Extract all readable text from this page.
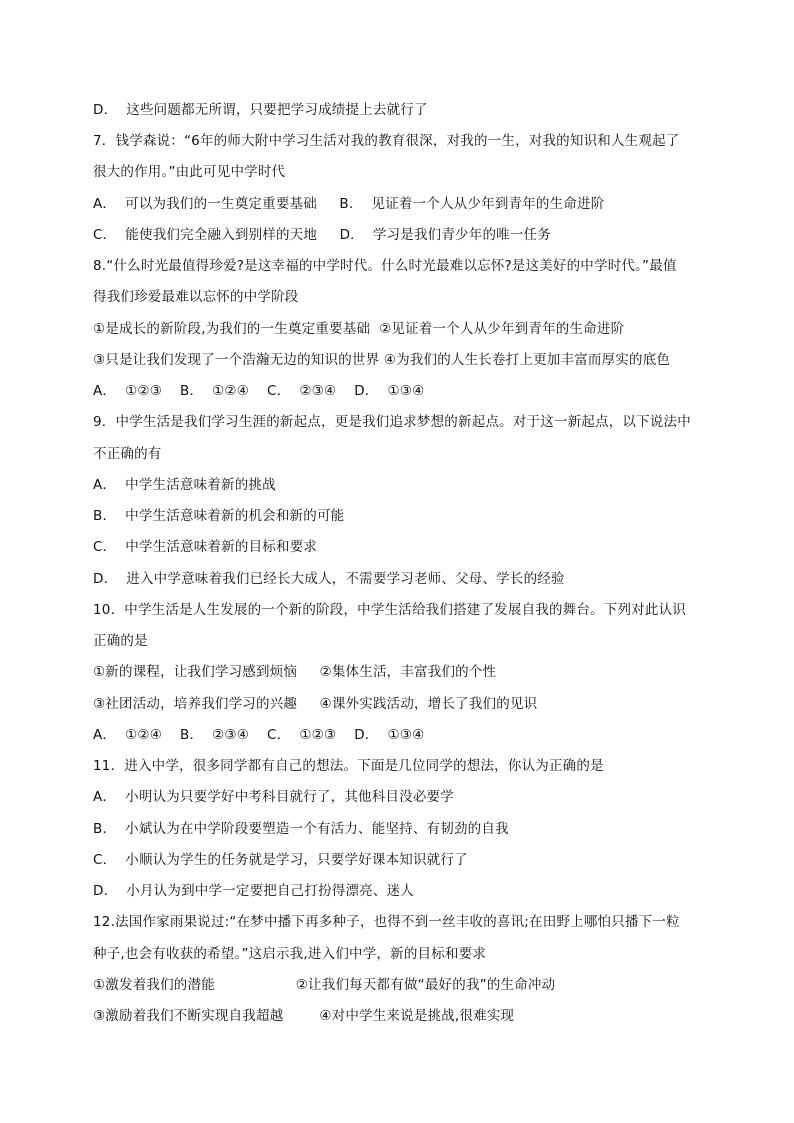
D．  这些问题都无所谓，只要把学习成绩提上去就行了
7．钱学森说：“6年的师大附中学习生活对我的教育很深，对我的一生，对我的知识和人生观起了
很大的作用。”由此可见中学时代
A．  可以为我们的一生奠定重要基础     B．  见证着一个人从少年到青年的生命进阶
C．  能使我们完全融入到别样的天地     D．  学习是我们青少年的唯一任务
8.“什么时光最值得珍爱?是这幸福的中学时代。什么时光最难以忘怀?是这美好的中学时代。”最值
得我们珍爱最难以忘怀的中学阶段
①是成长的新阶段,为我们的一生奠定重要基础  ②见证着一个人从少年到青年的生命进阶
③只是让我们发现了一个浩瀚无边的知识的世界 ④为我们的人生长卷打上更加丰富而厚实的底色
A．  ①②③    B．  ①②④    C．  ②③④    D．  ①③④
9．中学生活是我们学习生涯的新起点，更是我们追求梦想的新起点。对于这一新起点，以下说法中
不正确的有
A．  中学生活意味着新的挑战
B．  中学生活意味着新的机会和新的可能
C．  中学生活意味着新的目标和要求
D．  进入中学意味着我们已经长大成人，不需要学习老师、父母、学长的经验
10．中学生活是人生发展的一个新的阶段，中学生活给我们搭建了发展自我的舞台。下列对此认识
正确的是
①新的课程，让我们学习感到烦恼     ②集体生活，丰富我们的个性
③社团活动，培养我们学习的兴趣     ④课外实践活动，增长了我们的见识
A．  ①②④    B．  ②③④    C．  ①②③    D．  ①③④
11．进入中学，很多同学都有自己的想法。下面是几位同学的想法，你认为正确的是
A．  小明认为只要学好中考科目就行了，其他科目没必要学
B．  小斌认为在中学阶段要塑造一个有活力、能坚持、有韧劲的自我
C．  小顺认为学生的任务就是学习，只要学好课本知识就行了
D．  小月认为到中学一定要把自己打扮得漂亮、迷人
12.法国作家雨果说过:“在梦中播下再多种子，也得不到一丝丰收的喜讯;在田野上哪怕只播下一粒
种子,也会有收获的希望。”这启示我,进入们中学，新的目标和要求
①激发着我们的潜能                  ②让我们每天都有做“最好的我”的生命冲动
③激励着我们不断实现自我超越        ④对中学生来说是挑战,很难实现
